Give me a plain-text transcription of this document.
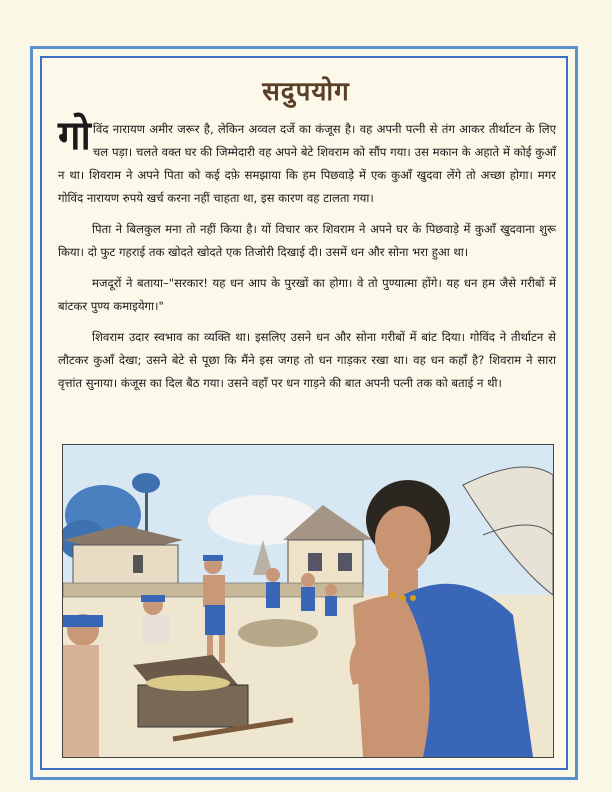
सदुपयोग

गोविंद नारायण अमीर जरूर है, लेकिन अव्वल दर्जे का कंजूस है। वह अपनी पत्नी से तंग आकर तीर्थाटन के लिए चल पड़ा। चलते वक्त घर की जिम्मेदारी वह अपने बेटे शिवराम को सौंप गया। उस मकान के अहाते में कोई कुआँ न था। शिवराम ने अपने पिता को कई दफ़े समझाया कि हम पिछवाड़े में एक कुआँ खुदवा लेंगे तो अच्छा होगा। मगर गोविंद नारायण रुपये खर्च करना नहीं चाहता था, इस कारण वह टालता गया।

पिता ने बिलकुल मना तो नहीं किया है। यों विचार कर शिवराम ने अपने घर के पिछवाड़े में कुआँ खुदवाना शुरू किया। दो फुट गहराई तक खोदते खोदते एक तिजोरी दिखाई दी। उसमें धन और सोना भरा हुआ था।

मजदूरों ने बताया–"सरकार! यह धन आप के पुरखों का होगा। वे तो पुण्यात्मा होंगे। यह धन हम जैसे गरीबों में बांटकर पुण्य कमाइयेगा।"

शिवराम उदार स्वभाव का व्यक्ति था। इसलिए उसने धन और सोना गरीबों में बांट दिया। गोविंद ने तीर्थाटन से लौटकर कुआँ देखा; उसने बेटे से पूछा कि मैंने इस जगह तो धन गाड़कर रखा था। वह धन कहाँ है? शिवराम ने सारा वृत्तांत सुनाया। कंजूस का दिल बैठ गया। उसने वहाँ पर धन गाड़ने की बात अपनी पत्नी तक को बताई न थी।
